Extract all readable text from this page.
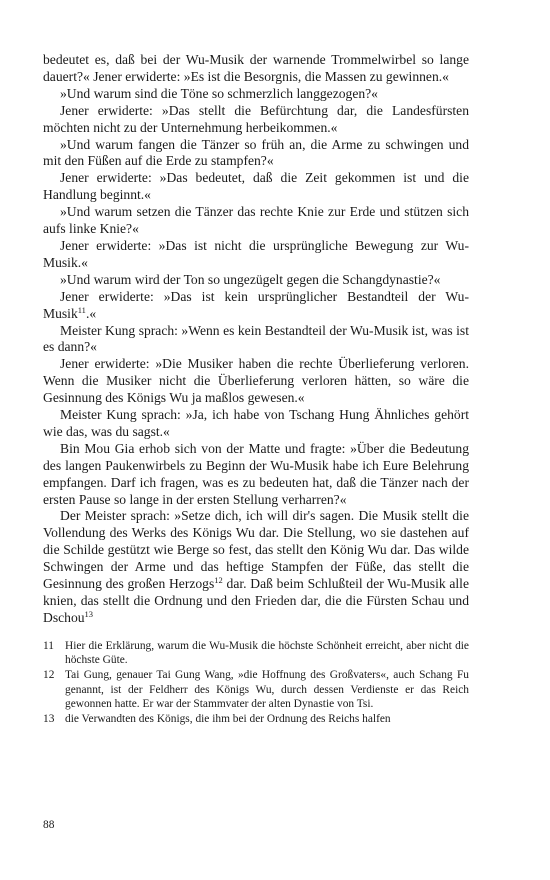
bedeutet es, daß bei der Wu-Musik der warnende Trommelwirbel so lange dauert?« Jener erwiderte: »Es ist die Besorgnis, die Massen zu gewinnen.«

»Und warum sind die Töne so schmerzlich langgezogen?«

Jener erwiderte: »Das stellt die Befürchtung dar, die Landesfürsten möchten nicht zu der Unternehmung herbeikommen.«

»Und warum fangen die Tänzer so früh an, die Arme zu schwingen und mit den Füßen auf die Erde zu stampfen?«

Jener erwiderte: »Das bedeutet, daß die Zeit gekommen ist und die Handlung beginnt.«

»Und warum setzen die Tänzer das rechte Knie zur Erde und stützen sich aufs linke Knie?«

Jener erwiderte: »Das ist nicht die ursprüngliche Bewegung zur Wu-Musik.«

»Und warum wird der Ton so ungezügelt gegen die Schangdynastie?«

Jener erwiderte: »Das ist kein ursprünglicher Bestandteil der Wu-Musik$^{11}$.«

Meister Kung sprach: »Wenn es kein Bestandteil der Wu-Musik ist, was ist es dann?«

Jener erwiderte: »Die Musiker haben die rechte Überlieferung verloren. Wenn die Musiker nicht die Überlieferung verloren hätten, so wäre die Gesinnung des Königs Wu ja maßlos gewesen.«

Meister Kung sprach: »Ja, ich habe von Tschang Hung Ähnliches gehört wie das, was du sagst.«

Bin Mou Gia erhob sich von der Matte und fragte: »Über die Bedeutung des langen Paukenwirbels zu Beginn der Wu-Musik habe ich Eure Belehrung empfangen. Darf ich fragen, was es zu bedeuten hat, daß die Tänzer nach der ersten Pause so lange in der ersten Stellung verharren?«

Der Meister sprach: »Setze dich, ich will dir's sagen. Die Musik stellt die Vollendung des Werks des Königs Wu dar. Die Stellung, wo sie dastehen auf die Schilde gestützt wie Berge so fest, das stellt den König Wu dar. Das wilde Schwingen der Arme und das heftige Stampfen der Füße, das stellt die Gesinnung des großen Herzogs$^{12}$ dar. Daß beim Schlußteil der Wu-Musik alle knien, das stellt die Ordnung und den Frieden dar, die die Fürsten Schau und Dschou$^{13}$

11 Hier die Erklärung, warum die Wu-Musik die höchste Schönheit erreicht, aber nicht die höchste Güte.
12 Tai Gung, genauer Tai Gung Wang, »die Hoffnung des Großvaters«, auch Schang Fu genannt, ist der Feldherr des Königs Wu, durch dessen Verdienste er das Reich gewonnen hatte. Er war der Stammvater der alten Dynastie von Tsi.
13 die Verwandten des Königs, die ihm bei der Ordnung des Reichs halfen
88
